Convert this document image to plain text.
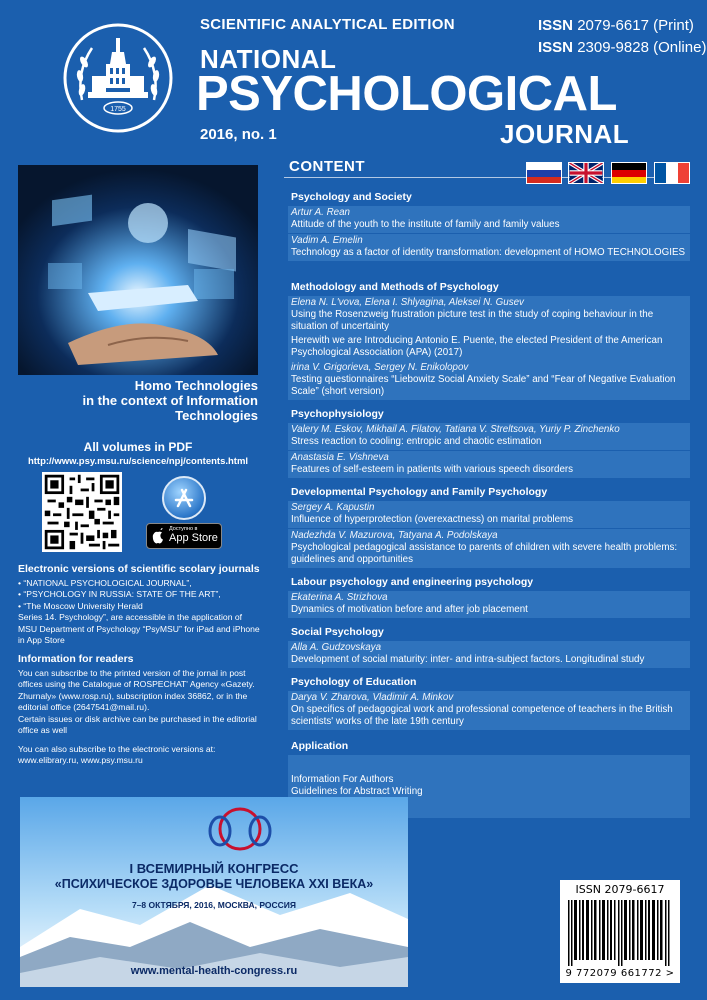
1755
SCIENTIFIC ANALYTICAL EDITION
NATIONAL
PSYCHOLOGICAL
JOURNAL
2016, no. 1
ISSN 2079-6617 (Print)
ISSN 2309-9828 (Online)
Homo Technologies
in the context of Information Technologies
All volumes in PDF
http://www.psy.msu.ru/science/npj/contents.html
Доступно в
App Store
Electronic versions of scientific scolary journals
• “NATIONAL PSYCHOLOGICAL JOURNAL”,
• “PSYCHOLOGY IN RUSSIA: STATE OF THE ART”,
• “The Moscow University Herald
Series 14. Psychology”, are accessible in the application of MSU Department of Psychology “PsyMSU” for iPad and iPhone in App Store
Information for readers
You can subscribe to the printed version of the jornal in post offices using the Catalogue of ROSPECHAT' Agency «Gazety. Zhurnaly» (www.rosp.ru), subscription index 36862, or in the editorial office (2647541@mail.ru).
Certain issues or disk archive can be purchased in the editorial office as well
You can also subscribe to the electronic versions at:
www.elibrary.ru, www.psy.msu.ru
CONTENT
Psychology and Society
Artur A. Rean
Attitude of the youth to the institute of family and family values
Vadim A. Emelin
Technology as a factor of identity transformation: development of HOMO TECHNOLOGIES
Methodology and Methods of Psychology
Elena N. L'vova, Elena I. Shlyagina, Aleksei N. Gusev
Using the Rosenzweig frustration picture test in the study of coping behaviour in the situation of uncertainty
Herewith we are Introducing Antonio E. Puente, the elected President of the American Psychological Association (APA) (2017)
irina V. Grigorieva, Sergey N. Enikolopov
Testing questionnaires “Liebowitz Social Anxiety Scale” and “Fear of Negative Evaluation Scale” (short version)
Psychophysiology
Valery M. Eskov, Mikhail A. Filatov, Tatiana V. Streltsova, Yuriy P. Zinchenko
Stress reaction to cooling: entropic and chaotic estimation
Anastasia E. Vishneva
Features of self-esteem in patients with various speech disorders
Developmental Psychology and Family Psychology
Sergey A. Kapustin
Influence of hyperprotection (overexactness) on marital problems
Nadezhda V. Mazurova, Tatyana A. Podolskaya
Psychological pedagogical assistance to parents of children with severe health problems: guidelines and opportunities
Labour psychology and engineering psychology
Ekaterina A. Strizhova
Dynamics of motivation before and after job placement
Social Psychology
Alla A. Gudzovskaya
Development of social maturity: inter- and intra-subject factors. Longitudinal study
Psychology of Education
Darya V. Zharova, Vladimir A. Minkov
On specifics of pedagogical work and professional competence of teachers in the British scientists' works of the late 19th century
Application

Information For Authors
Guidelines for Abstract Writing

I ВСЕМИРНЫЙ КОНГРЕСС
«ПСИХИЧЕСКОЕ ЗДОРОВЬЕ ЧЕЛОВЕКА XXI ВЕКА»
7–8 ОКТЯБРЯ, 2016, МОСКВА, РОССИЯ
www.mental-health-congress.ru
ISSN 2079-6617
9 772079 661772 >
